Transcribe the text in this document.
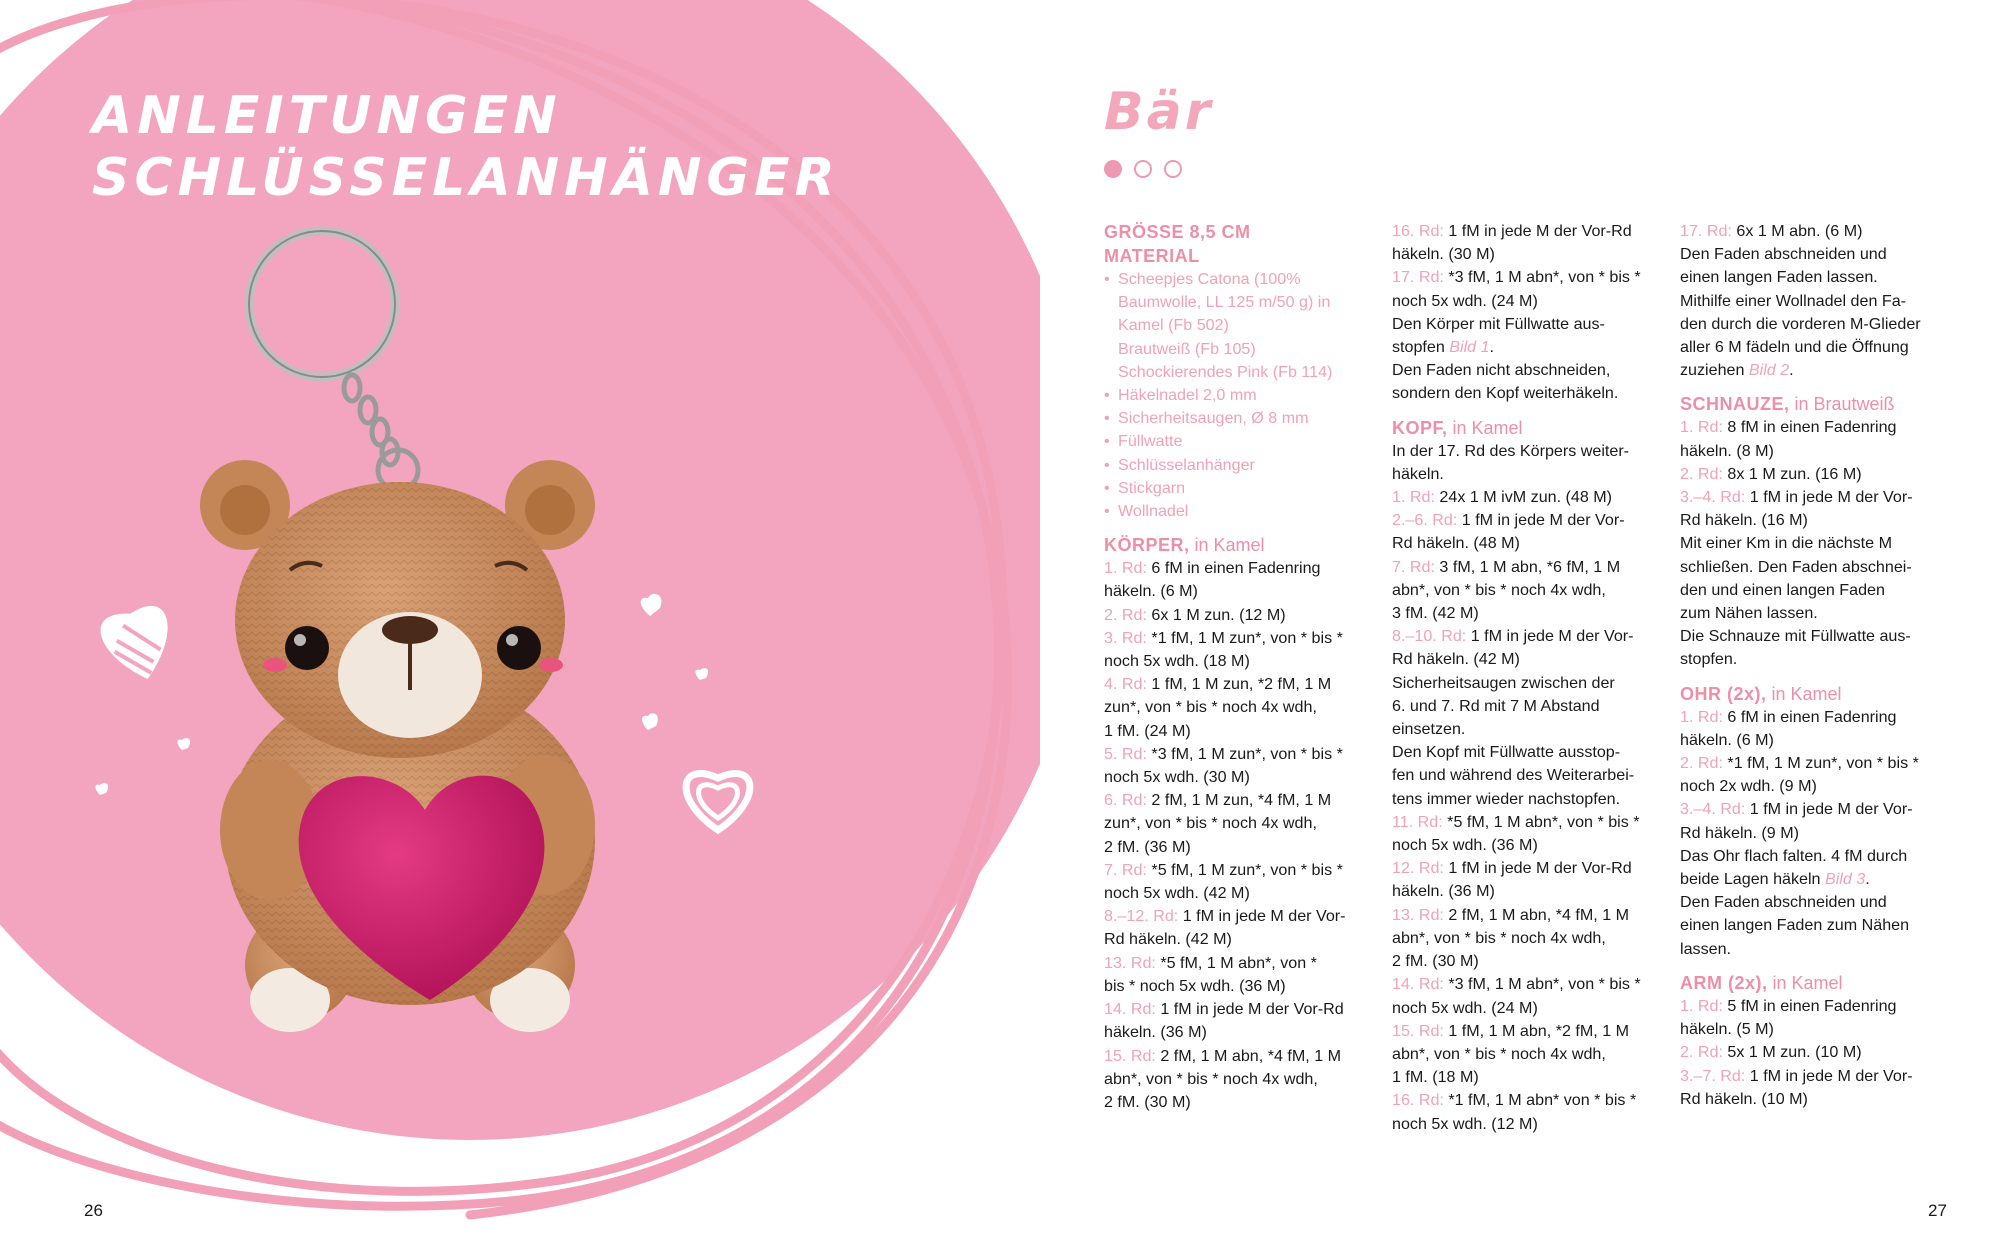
ANLEITUNGEN
SCHLÜSSELANHÄNGER
26	27
Bär

GRÖSSE 8,5 CM

MATERIAL

• Scheepjes Catona (100%
Baumwolle, LL 125 m/50 g) in
Kamel (Fb 502)
Brautweiß (Fb 105)
Schockierendes Pink (Fb 114)
• Häkelnadel 2,0 mm
• Sicherheitsaugen, Ø 8 mm
• Füllwatte
• Schlüsselanhänger
• Stickgarn
• Wollnadel

KÖRPER, in Kamel

1. Rd: 6 fM in einen Fadenring

häkeln. (6 M)

2. Rd: 6x 1 M zun. (12 M)

3. Rd: *1 fM, 1 M zun*, von * bis *

noch 5x wdh. (18 M)

4. Rd: 1 fM, 1 M zun, *2 fM, 1 M

zun*, von * bis * noch 4x wdh,

1 fM. (24 M)

5. Rd: *3 fM, 1 M zun*, von * bis *

noch 5x wdh. (30 M)

6. Rd: 2 fM, 1 M zun, *4 fM, 1 M

zun*, von * bis * noch 4x wdh,

2 fM. (36 M)

7. Rd: *5 fM, 1 M zun*, von * bis *

noch 5x wdh. (42 M)

8.–12. Rd: 1 fM in jede M der Vor-

Rd häkeln. (42 M)

13. Rd: *5 fM, 1 M abn*, von *

bis * noch 5x wdh. (36 M)

14. Rd: 1 fM in jede M der Vor-Rd

häkeln. (36 M)

15. Rd: 2 fM, 1 M abn, *4 fM, 1 M

abn*, von * bis * noch 4x wdh,

2 fM. (30 M)

16. Rd: 1 fM in jede M der Vor-Rd

häkeln. (30 M)

17. Rd: *3 fM, 1 M abn*, von * bis *

noch 5x wdh. (24 M)

Den Körper mit Füllwatte aus-

stopfen Bild 1.

Den Faden nicht abschneiden,

sondern den Kopf weiterhäkeln.

KOPF, in Kamel

In der 17. Rd des Körpers weiter-

häkeln.

1. Rd: 24x 1 M ivM zun. (48 M)

2.–6. Rd: 1 fM in jede M der Vor-

Rd häkeln. (48 M)

7. Rd: 3 fM, 1 M abn, *6 fM, 1 M

abn*, von * bis * noch 4x wdh,

3 fM. (42 M)

8.–10. Rd: 1 fM in jede M der Vor-

Rd häkeln. (42 M)

Sicherheitsaugen zwischen der

6. und 7. Rd mit 7 M Abstand

einsetzen.

Den Kopf mit Füllwatte ausstop-

fen und während des Weiterarbei-

tens immer wieder nachstopfen.

11. Rd: *5 fM, 1 M abn*, von * bis *

noch 5x wdh. (36 M)

12. Rd: 1 fM in jede M der Vor-Rd

häkeln. (36 M)

13. Rd: 2 fM, 1 M abn, *4 fM, 1 M

abn*, von * bis * noch 4x wdh,

2 fM. (30 M)

14. Rd: *3 fM, 1 M abn*, von * bis *

noch 5x wdh. (24 M)

15. Rd: 1 fM, 1 M abn, *2 fM, 1 M

abn*, von * bis * noch 4x wdh,

1 fM. (18 M)

16. Rd: *1 fM, 1 M abn* von * bis *

noch 5x wdh. (12 M)

17. Rd: 6x 1 M abn. (6 M)

Den Faden abschneiden und

einen langen Faden lassen.

Mithilfe einer Wollnadel den Fa-

den durch die vorderen M-Glieder

aller 6 M fädeln und die Öffnung

zuziehen Bild 2.

SCHNAUZE, in Brautweiß

1. Rd: 8 fM in einen Fadenring

häkeln. (8 M)

2. Rd: 8x 1 M zun. (16 M)

3.–4. Rd: 1 fM in jede M der Vor-

Rd häkeln. (16 M)

Mit einer Km in die nächste M

schließen. Den Faden abschnei-

den und einen langen Faden

zum Nähen lassen.

Die Schnauze mit Füllwatte aus-

stopfen.

OHR (2x), in Kamel

1. Rd: 6 fM in einen Fadenring

häkeln. (6 M)

2. Rd: *1 fM, 1 M zun*, von * bis *

noch 2x wdh. (9 M)

3.–4. Rd: 1 fM in jede M der Vor-

Rd häkeln. (9 M)

Das Ohr flach falten. 4 fM durch

beide Lagen häkeln Bild 3.

Den Faden abschneiden und

einen langen Faden zum Nähen

lassen.

ARM (2x), in Kamel

1. Rd: 5 fM in einen Fadenring

häkeln. (5 M)

2. Rd: 5x 1 M zun. (10 M)

3.–7. Rd: 1 fM in jede M der Vor-

Rd häkeln. (10 M)
